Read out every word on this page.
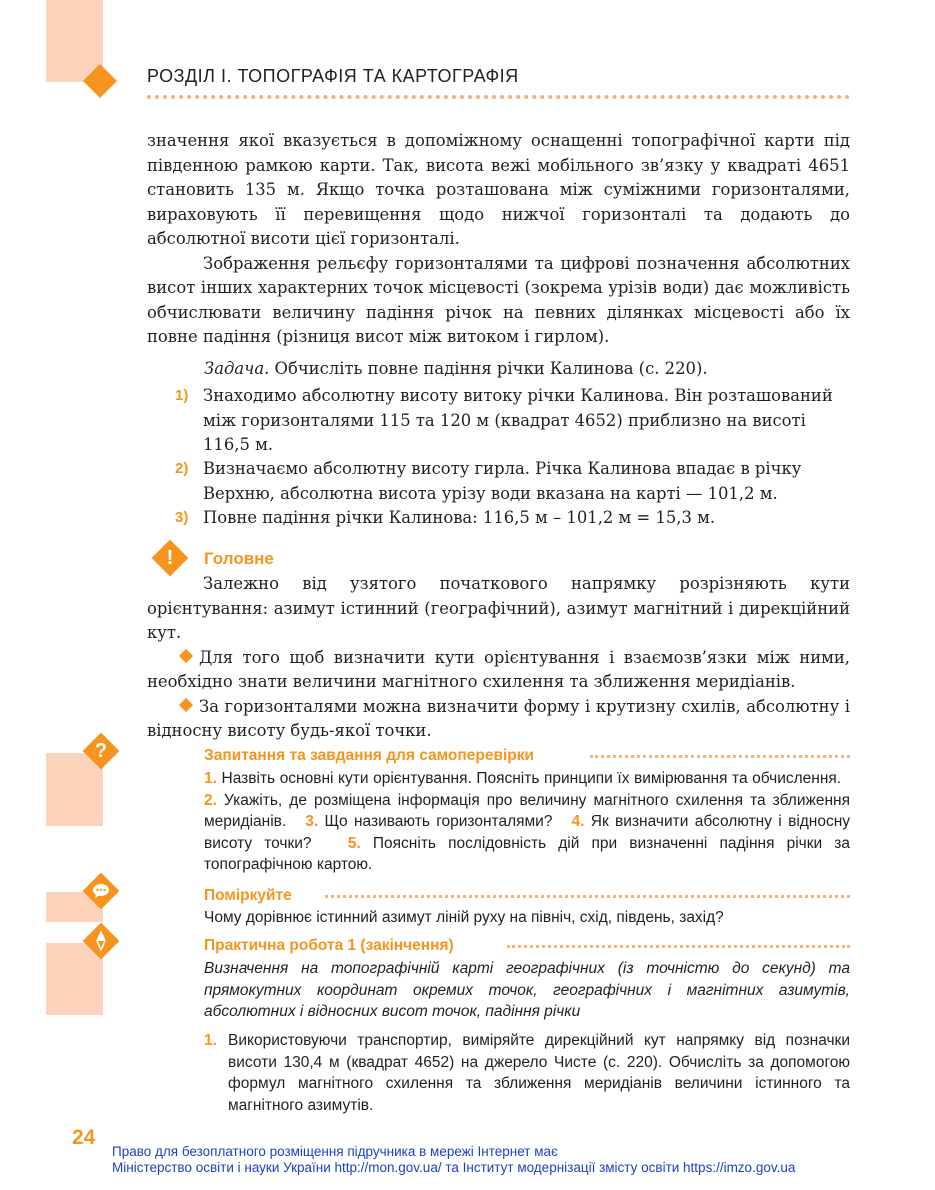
РОЗДІЛ І. ТОПОГРАФІЯ ТА КАРТОГРАФІЯ

значення якої вказується в допоміжному оснащенні топографічної карти під південною рамкою карти. Так, висота вежі мобільного зв’язку у квадраті 4651 становить 135 м. Якщо точка розташована між суміжними горизонталями, вираховують її перевищення щодо нижчої горизонталі та додають до абсолютної висоти цієї горизонталі.

Зображення рельєфу горизонталями та цифрові позначення абсолютних висот інших характерних точок місцевості (зокрема урізів води) дає можливість обчислювати величину падіння річок на певних ділянках місцевості або їх повне падіння (різниця висот між витоком і гирлом).

Задача. Обчисліть повне падіння річки Калинова (с. 220).
1) Знаходимо абсолютну висоту витоку річки Калинова. Він розташований між горизонталями 115 та 120 м (квадрат 4652) приблизно на висоті 116,5 м.
2) Визначаємо абсолютну висоту гирла. Річка Калинова впадає в річку Верхню, абсолютна висота урізу води вказана на карті — 101,2 м.
3) Повне падіння річки Калинова: 116,5 м – 101,2 м = 15,3 м.
!	Головне

Залежно від узятого початкового напрямку розрізняють кути орієнтування: азимут істинний (географічний), азимут магнітний і дирекційний кут.

Для того щоб визначити кути орієнтування і взаємозв’язки між ними, необхідно знати величини магнітного схилення та зближення меридіанів.

За горизонталями можна визначити форму і крутизну схилів, абсолютну і відносну висоту будь-якої точки.

?	Запитання та завдання для самоперевірки
1. Назвіть основні кути орієнтування. Поясніть принципи їх вимірювання та обчислення.   2. Укажіть, де розміщена інформація про величину магнітного схилення та зближення меридіанів. 3. Що називають горизонталями? 4. Як визначити абсолютну і відносну висоту точки? 5. Поясніть послідовність дій при визначенні падіння річки за топографічною картою.
Поміркуйте
Чому дорівнює істинний азимут ліній руху на північ, схід, південь, захід?
Практична робота 1 (закінчення)
Визначення на топографічній карті географічних (із точністю до секунд) та прямокутних координат окремих точок, географічних і магнітних азимутів, абсолютних і відносних висот точок, падіння річки
1. Використовуючи транспортир, виміряйте дирекційний кут напрямку від позначки висоти 130,4 м (квадрат 4652) на джерело Чисте (с. 220). Обчисліть за допомогою формул магнітного схилення та зближення меридіанів величини істинного та магнітного азимутів.
24
Право для безоплатного розміщення підручника в мережі Інтернет має
Міністерство освіти і науки України http://mon.gov.ua/ та Інститут модернізації змісту освіти https://imzo.gov.ua
